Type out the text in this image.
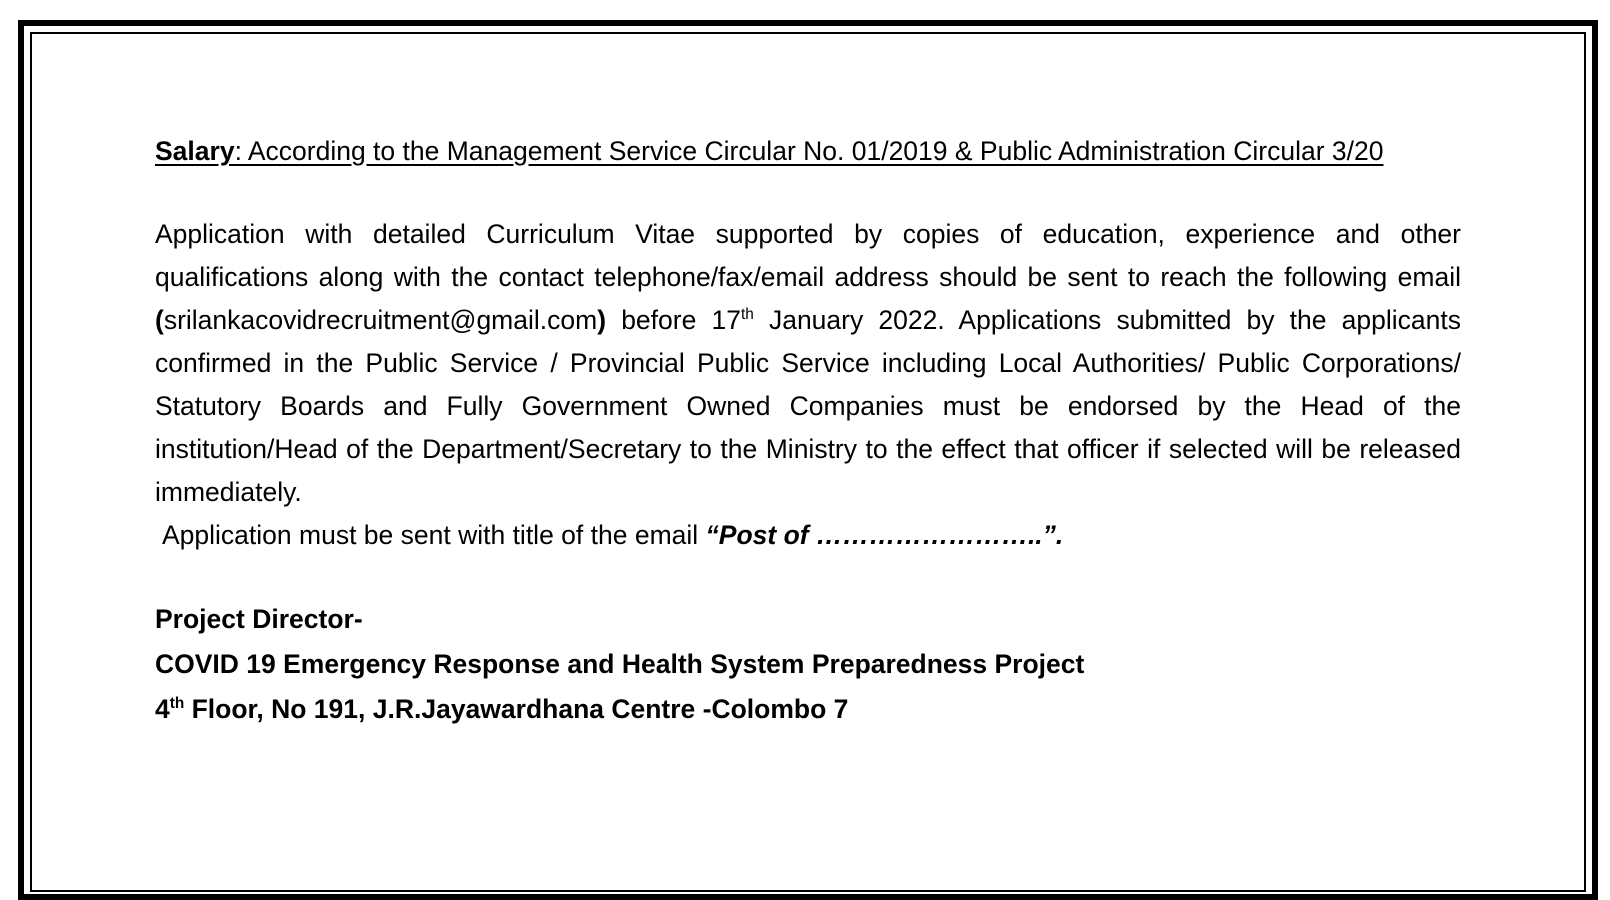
Salary: According to the Management Service Circular No. 01/2019 & Public Administration Circular 3/20

Application with detailed Curriculum Vitae supported by copies of education, experience and other qualifications along with the contact telephone/fax/email address should be sent to reach the following email (srilankacovidrecruitment@gmail.com) before 17th January 2022. Applications submitted by the applicants confirmed in the Public Service / Provincial Public Service including Local Authorities/ Public Corporations/ Statutory Boards and Fully Government Owned Companies must be endorsed by the Head of the institution/Head of the Department/Secretary to the Ministry to the effect that officer if selected will be released immediately.

Application must be sent with title of the email “Post of ……………………..”.

Project Director-

COVID 19 Emergency Response and Health System Preparedness Project

4th Floor, No 191, J.R.Jayawardhana Centre -Colombo 7
